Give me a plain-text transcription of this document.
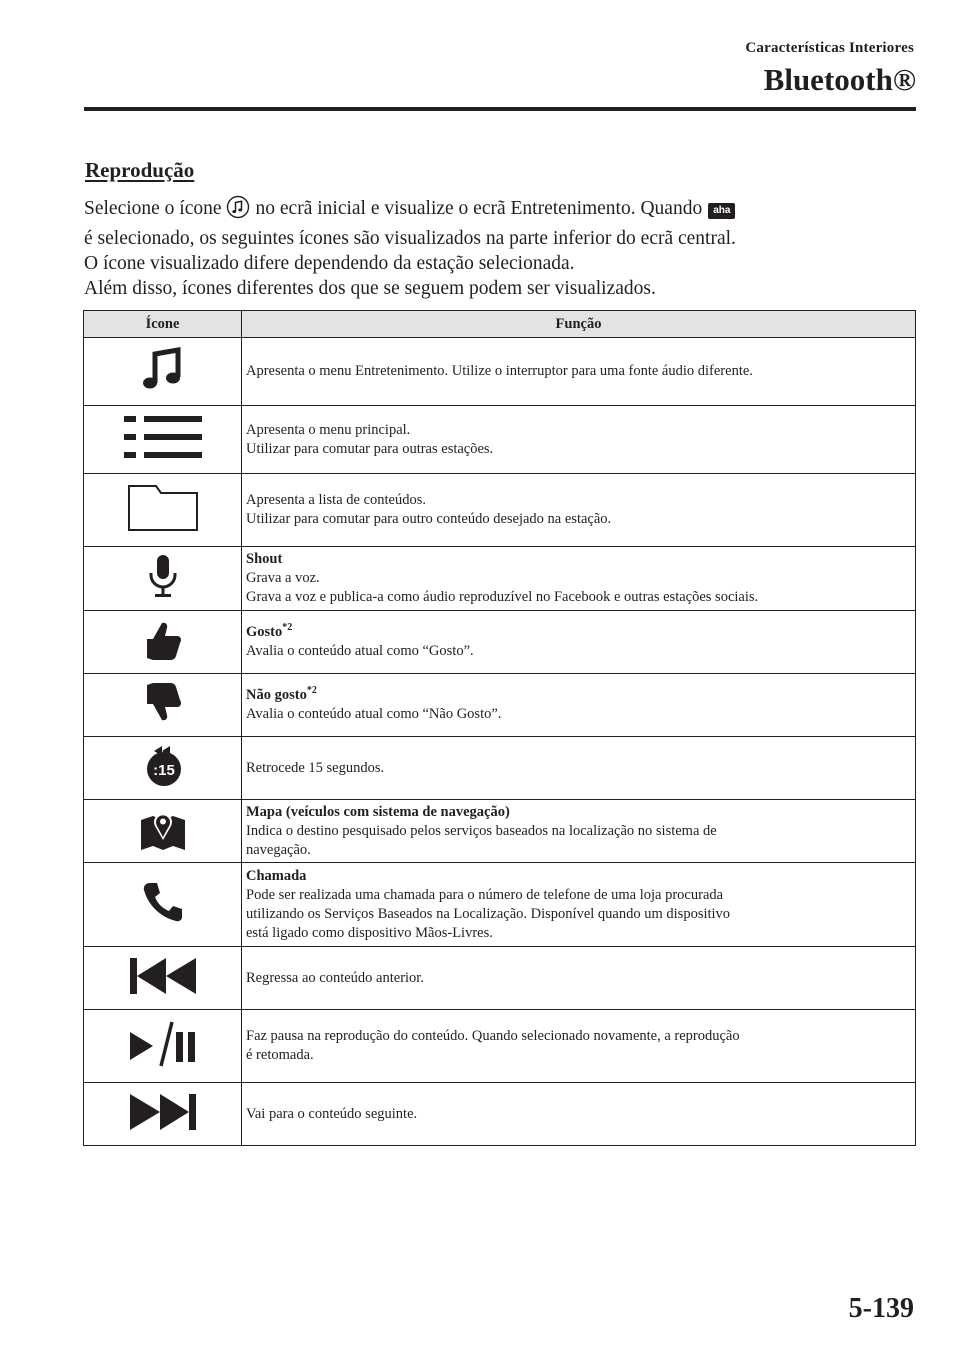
Características Interiores
Bluetooth®
Reprodução

Selecione o ícone no ecrã inicial e visualize o ecrã Entretenimento. Quando aha

é selecionado, os seguintes ícones são visualizados na parte inferior do ecrã central.

O ícone visualizado difere dependendo da estação selecionada.

Além disso, ícones diferentes dos que se seguem podem ser visualizados.

Ícone	Função

Apresenta o menu Entretenimento. Utilize o interruptor para uma fonte áudio diferente.

Apresenta o menu principal.
Utilizar para comutar para outras estações.

Apresenta a lista de conteúdos.
Utilizar para comutar para outro conteúdo desejado na estação.

Shout
Grava a voz.
Grava a voz e publica-a como áudio reproduzível no Facebook e outras estações sociais.

Gosto$^{*2}$
Avalia o conteúdo atual como “Gosto”.

Não gosto$^{*2}$
Avalia o conteúdo atual como “Não Gosto”.

:15	Retrocede 15 segundos.

Mapa (veículos com sistema de navegação)
Indica o destino pesquisado pelos serviços baseados na localização no sistema de
navegação.

Chamada
Pode ser realizada uma chamada para o número de telefone de uma loja procurada
utilizando os Serviços Baseados na Localização. Disponível quando um dispositivo
está ligado como dispositivo Mãos-Livres.

Regressa ao conteúdo anterior.

Faz pausa na reprodução do conteúdo. Quando selecionado novamente, a reprodução
é retomada.

Vai para o conteúdo seguinte.
5-139
